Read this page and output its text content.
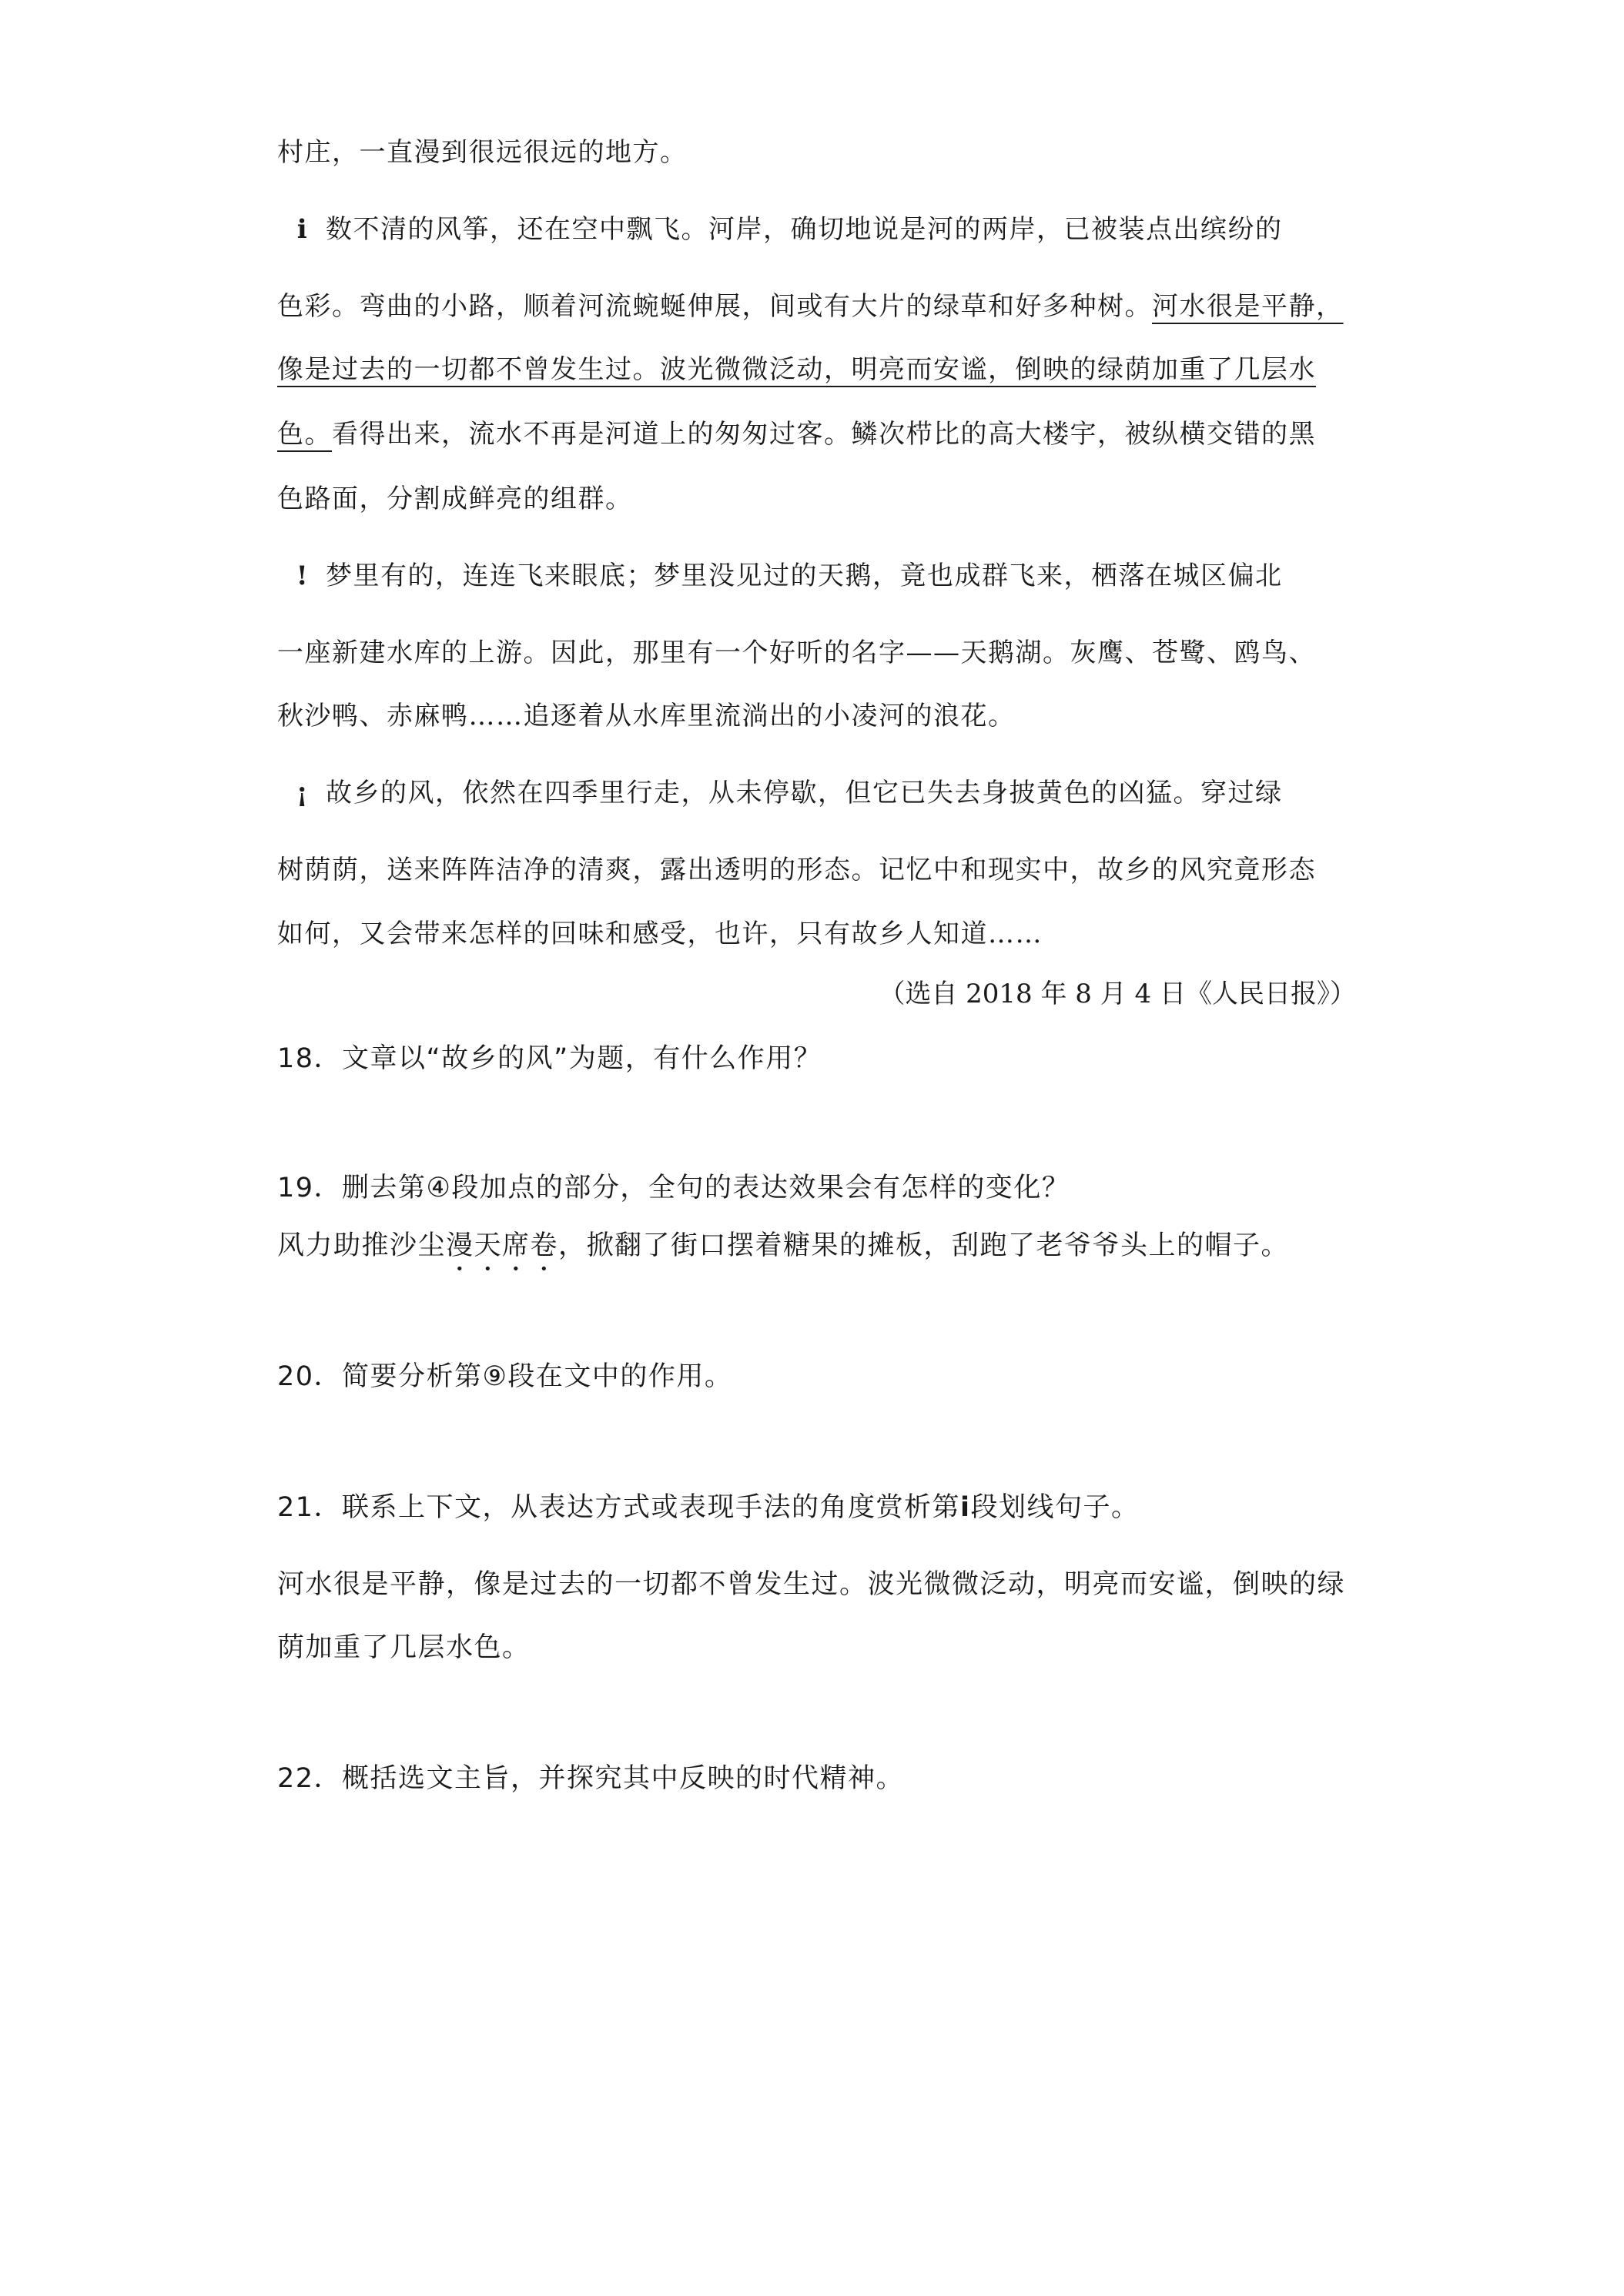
村庄，一直漫到很远很远的地方。
ⅰ 数不清的风筝，还在空中飘飞。河岸，确切地说是河的两岸，已被装点出缤纷的
色彩。弯曲的小路，顺着河流蜿蜒伸展，间或有大片的绿草和好多种树。河水很是平静，
像是过去的一切都不曾发生过。波光微微泛动，明亮而安谧，倒映的绿荫加重了几层水
色。看得出来，流水不再是河道上的匆匆过客。鳞次栉比的高大楼宇，被纵横交错的黑
色路面，分割成鲜亮的组群。
! 梦里有的，连连飞来眼底；梦里没见过的天鹅，竟也成群飞来，栖落在城区偏北
一座新建水库的上游。因此，那里有一个好听的名字——天鹅湖。灰鹰、苍鹭、鸥鸟、
秋沙鸭、赤麻鸭……追逐着从水库里流淌出的小凌河的浪花。
¡ 故乡的风，依然在四季里行走，从未停歇，但它已失去身披黄色的凶猛。穿过绿
树荫荫，送来阵阵洁净的清爽，露出透明的形态。记忆中和现实中，故乡的风究竟形态
如何，又会带来怎样的回味和感受，也许，只有故乡人知道……
（选自 2018 年 8 月 4 日《人民日报》）
18．文章以“故乡的风”为题，有什么作用？
19．删去第④段加点的部分，全句的表达效果会有怎样的变化？
风力助推沙尘漫天席卷，掀翻了街口摆着糖果的摊板，刮跑了老爷爷头上的帽子。
20．简要分析第⑨段在文中的作用。
21．联系上下文，从表达方式或表现手法的角度赏析第ⅰ段划线句子。
河水很是平静，像是过去的一切都不曾发生过。波光微微泛动，明亮而安谧，倒映的绿
荫加重了几层水色。
22．概括选文主旨，并探究其中反映的时代精神。
